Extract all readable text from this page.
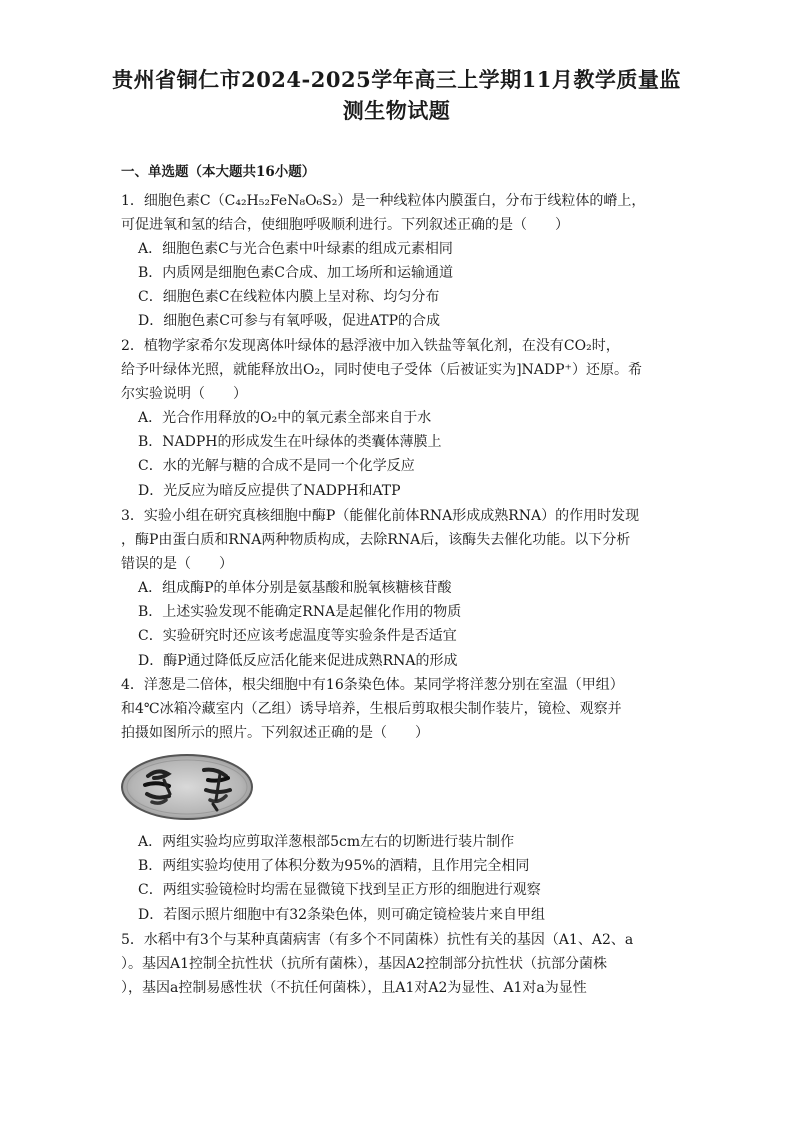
贵州省铜仁市2024-2025学年高三上学期11月教学质量监
测生物试题
一、单选题（本大题共16小题）
1．细胞色素C（C₄₂H₅₂FeN₈O₆S₂）是一种线粒体内膜蛋白，分布于线粒体的嵴上，
可促进氧和氢的结合，使细胞呼吸顺利进行。下列叙述正确的是（　　）
A．细胞色素C与光合色素中叶绿素的组成元素相同
B．内质网是细胞色素C合成、加工场所和运输通道
C．细胞色素C在线粒体内膜上呈对称、均匀分布
D．细胞色素C可参与有氧呼吸，促进ATP的合成
2．植物学家希尔发现离体叶绿体的悬浮液中加入铁盐等氧化剂，在没有CO₂时，
给予叶绿体光照，就能释放出O₂，同时使电子受体（后被证实为]NADP⁺）还原。希
尔实验说明（　　）
A．光合作用释放的O₂中的氧元素全部来自于水
B．NADPH的形成发生在叶绿体的类囊体薄膜上
C．水的光解与糖的合成不是同一个化学反应
D．光反应为暗反应提供了NADPH和ATP
3．实验小组在研究真核细胞中酶P（能催化前体RNA形成成熟RNA）的作用时发现
，酶P由蛋白质和RNA两种物质构成，去除RNA后，该酶失去催化功能。以下分析
错误的是（　　）
A．组成酶P的单体分别是氨基酸和脱氧核糖核苷酸
B．上述实验发现不能确定RNA是起催化作用的物质
C．实验研究时还应该考虑温度等实验条件是否适宜
D．酶P通过降低反应活化能来促进成熟RNA的形成
4．洋葱是二倍体，根尖细胞中有16条染色体。某同学将洋葱分别在室温（甲组）
和4℃冰箱冷藏室内（乙组）诱导培养，生根后剪取根尖制作装片，镜检、观察并
拍摄如图所示的照片。下列叙述正确的是（　　）
A．两组实验均应剪取洋葱根部5cm左右的切断进行装片制作
B．两组实验均使用了体积分数为95%的酒精，且作用完全相同
C．两组实验镜检时均需在显微镜下找到呈正方形的细胞进行观察
D．若图示照片细胞中有32条染色体，则可确定镜检装片来自甲组
5．水稻中有3个与某种真菌病害（有多个不同菌株）抗性有关的基因（A1、A2、a
）。基因A1控制全抗性状（抗所有菌株），基因A2控制部分抗性状（抗部分菌株
），基因a控制易感性状（不抗任何菌株），且A1对A2为显性、A1对a为显性
